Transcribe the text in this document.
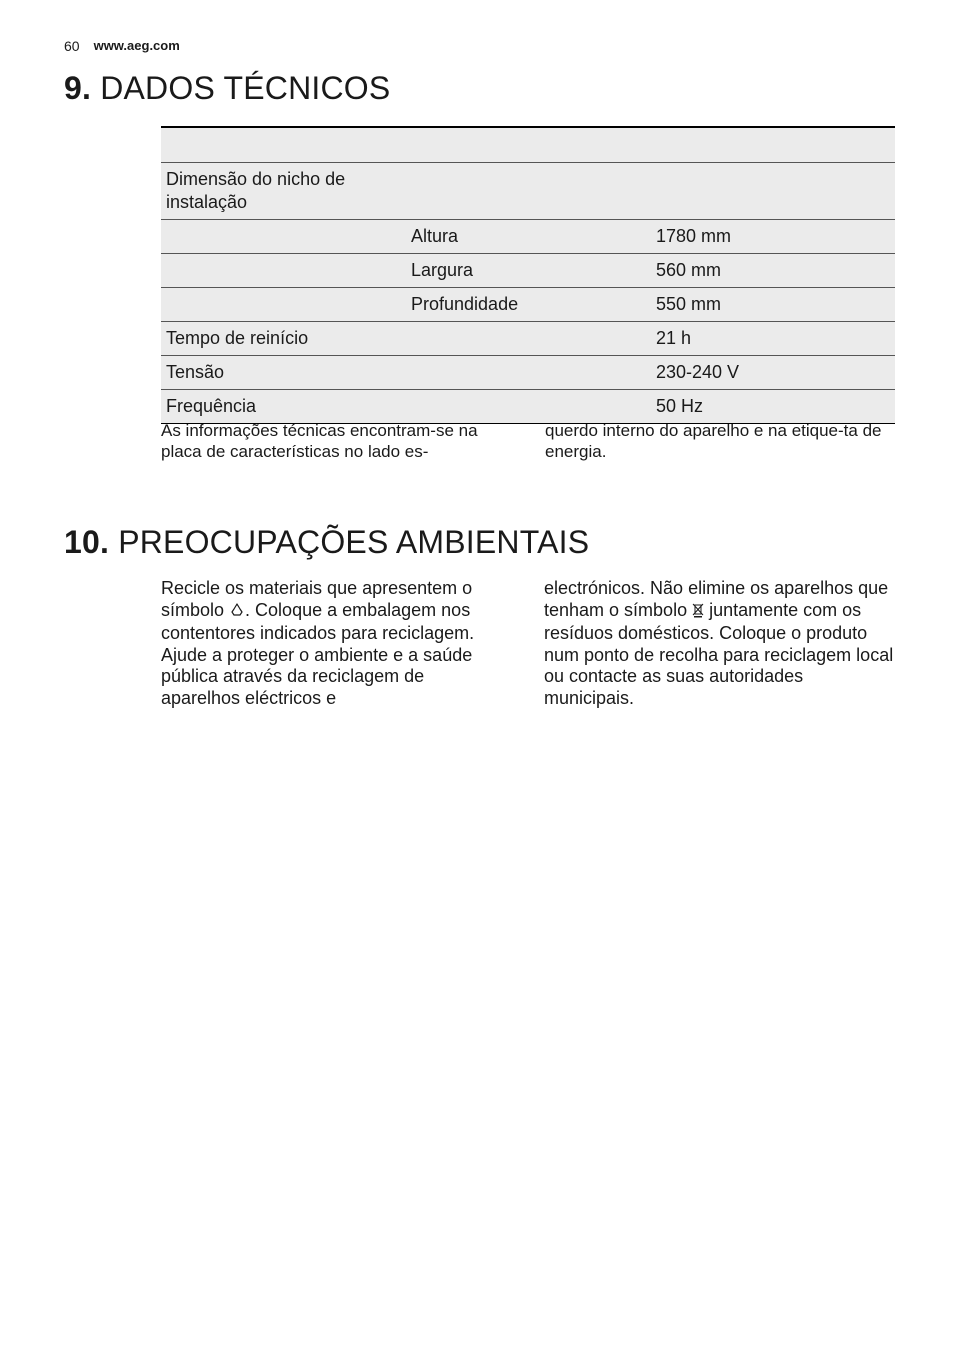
60 www.aeg.com
9. DADOS TÉCNICOS
Dimensão do nicho de instalação
Altura	1780 mm
Largura	560 mm
Profundidade	550 mm
Tempo de reinício	21 h
Tensão	230-240 V
Frequência	50 Hz

As informações técnicas encontram-se na placa de características no lado es-

querdo interno do aparelho e na etique-ta de energia.

10. PREOCUPAÇÕES AMBIENTAIS

Recicle os materiais que apresentem o símbolo . Coloque a embalagem nos contentores indicados para reciclagem.

Ajude a proteger o ambiente e a saúde pública através da reciclagem de aparelhos eléctricos e

electrónicos. Não elimine os aparelhos que tenham o símbolo juntamente com os resíduos domésticos. Coloque o produto num ponto de recolha para reciclagem local ou contacte as suas autoridades municipais.
